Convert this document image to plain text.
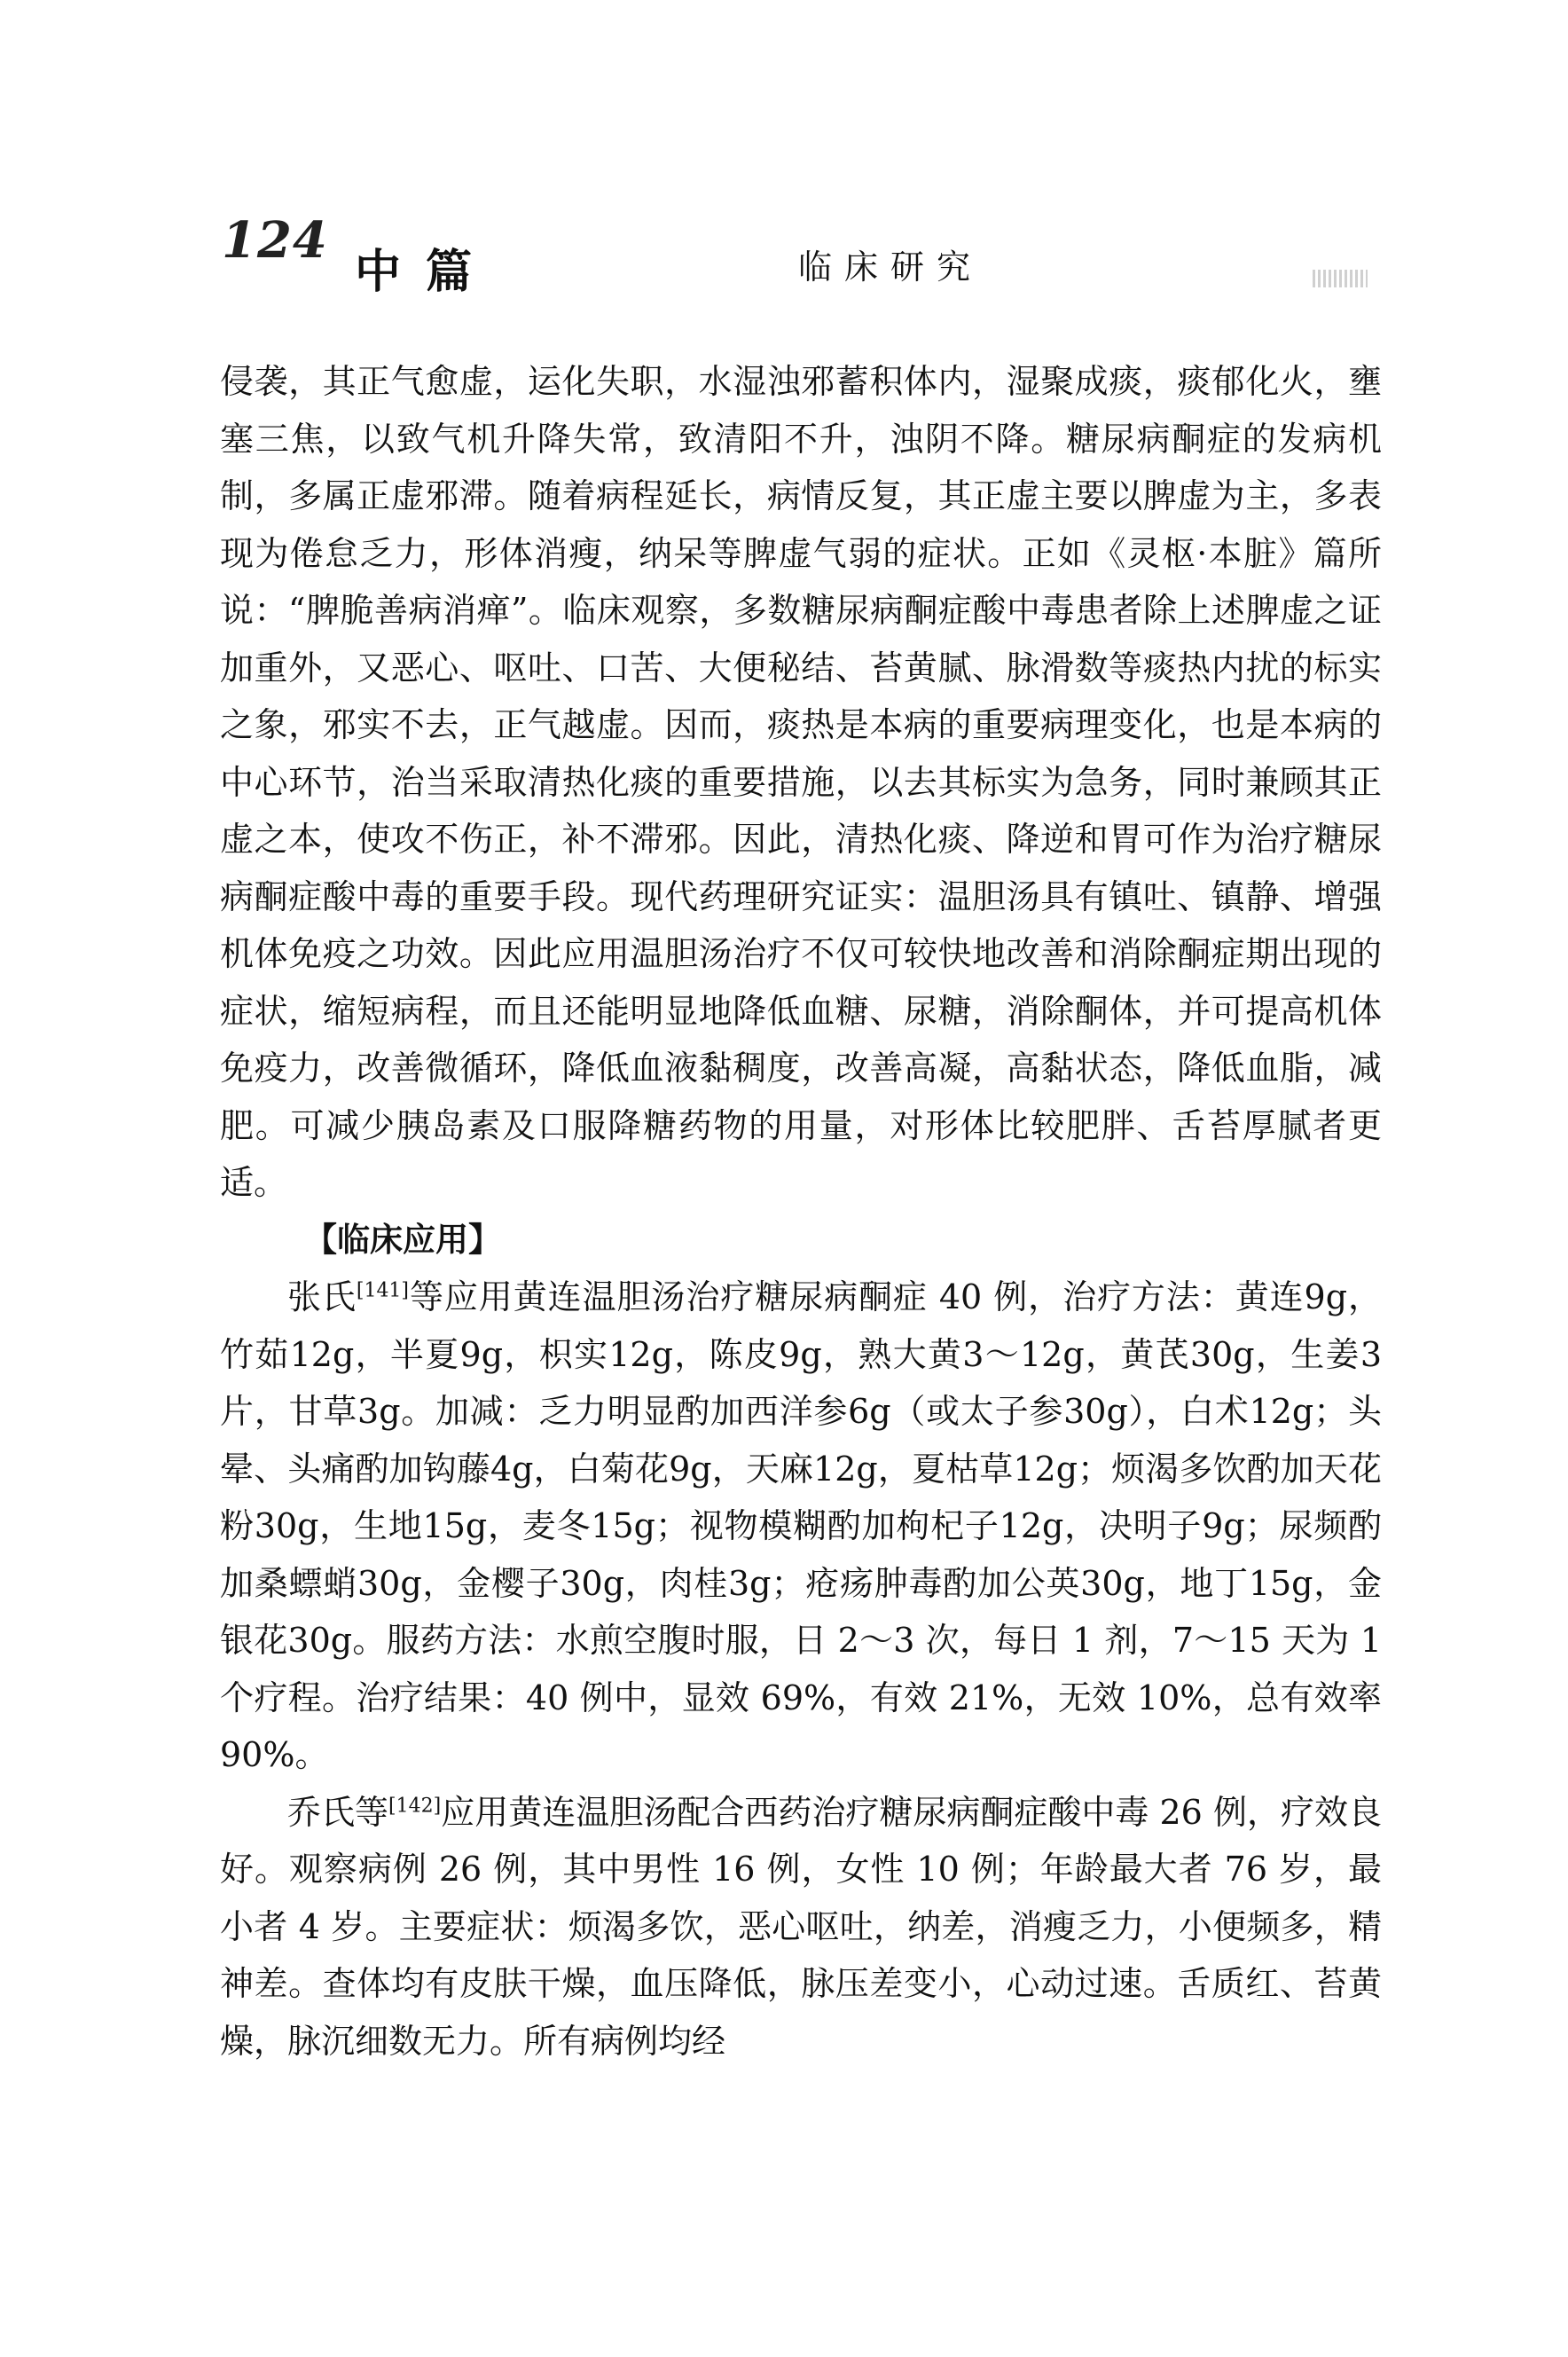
124
中篇	临床研究

侵袭，其正气愈虚，运化失职，水湿浊邪蓄积体内，湿聚成痰，痰郁化火，壅塞三焦，以致气机升降失常，致清阳不升，浊阴不降。糖尿病酮症的发病机制，多属正虚邪滞。随着病程延长，病情反复，其正虚主要以脾虚为主，多表现为倦怠乏力，形体消瘦，纳呆等脾虚气弱的症状。正如《灵枢·本脏》篇所说：“脾脆善病消瘅”。临床观察，多数糖尿病酮症酸中毒患者除上述脾虚之证加重外，又恶心、呕吐、口苦、大便秘结、苔黄腻、脉滑数等痰热内扰的标实之象，邪实不去，正气越虚。因而，痰热是本病的重要病理变化，也是本病的中心环节，治当采取清热化痰的重要措施，以去其标实为急务，同时兼顾其正虚之本，使攻不伤正，补不滞邪。因此，清热化痰、降逆和胃可作为治疗糖尿病酮症酸中毒的重要手段。现代药理研究证实：温胆汤具有镇吐、镇静、增强机体免疫之功效。因此应用温胆汤治疗不仅可较快地改善和消除酮症期出现的症状，缩短病程，而且还能明显地降低血糖、尿糖，消除酮体，并可提高机体免疫力，改善微循环，降低血液黏稠度，改善高凝，高黏状态，降低血脂，减肥。可减少胰岛素及口服降糖药物的用量，对形体比较肥胖、舌苔厚腻者更适。

【临床应用】

张氏[141]等应用黄连温胆汤治疗糖尿病酮症 40 例，治疗方法：黄连9g，竹茹12g，半夏9g，枳实12g，陈皮9g，熟大黄3～12g，黄芪30g，生姜3片，甘草3g。加减：乏力明显酌加西洋参6g（或太子参30g），白术12g；头晕、头痛酌加钩藤4g，白菊花9g，天麻12g，夏枯草12g；烦渴多饮酌加天花粉30g，生地15g，麦冬15g；视物模糊酌加枸杞子12g，决明子9g；尿频酌加桑螵蛸30g，金樱子30g，肉桂3g；疮疡肿毒酌加公英30g，地丁15g，金银花30g。服药方法：水煎空腹时服，日 2～3 次，每日 1 剂，7～15 天为 1 个疗程。治疗结果：40 例中，显效 69%，有效 21%，无效 10%，总有效率 90%。

乔氏等[142]应用黄连温胆汤配合西药治疗糖尿病酮症酸中毒 26 例，疗效良好。观察病例 26 例，其中男性 16 例，女性 10 例；年龄最大者 76 岁，最小者 4 岁。主要症状：烦渴多饮，恶心呕吐，纳差，消瘦乏力，小便频多，精神差。查体均有皮肤干燥，血压降低，脉压差变小，心动过速。舌质红、苔黄燥，脉沉细数无力。所有病例均经
